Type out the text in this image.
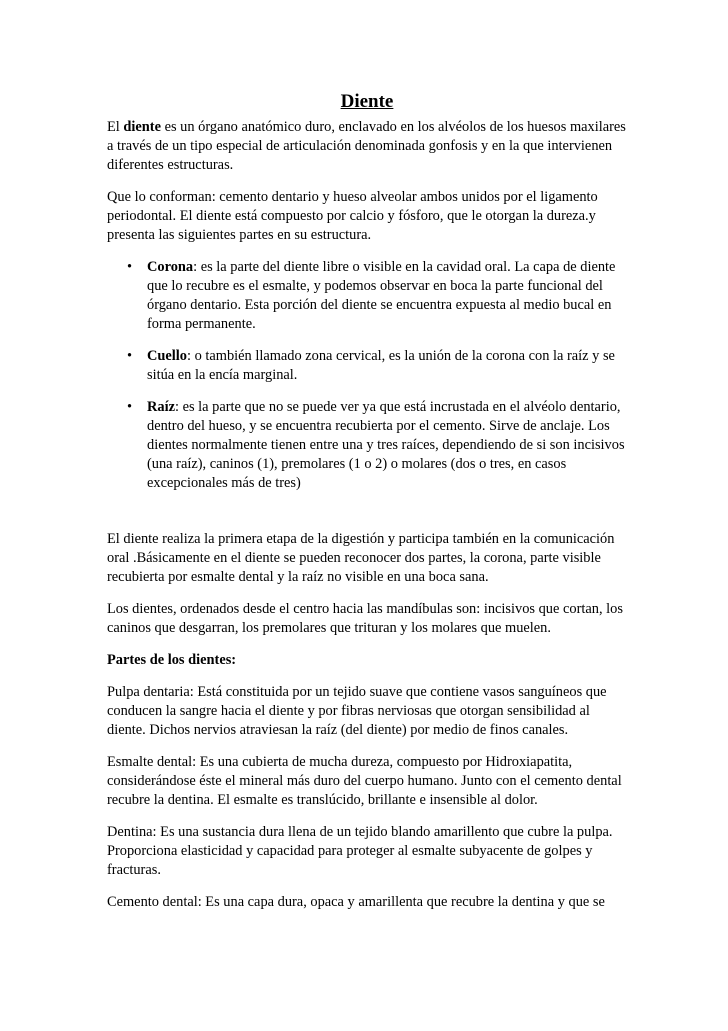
Diente

El diente es un órgano anatómico duro, enclavado en los alvéolos de los huesos maxilares a través de un tipo especial de articulación denominada gonfosis y en la que intervienen diferentes estructuras.

Que lo conforman: cemento dentario y hueso alveolar ambos unidos por el ligamento periodontal. El diente está compuesto por calcio y fósforo, que le otorgan la dureza.y presenta las siguientes partes en su estructura.

• Corona: es la parte del diente libre o visible en la cavidad oral. La capa de diente que lo recubre es el esmalte, y podemos observar en boca la parte funcional del órgano dentario. Esta porción del diente se encuentra expuesta al medio bucal en forma permanente.
• Cuello: o también llamado zona cervical, es la unión de la corona con la raíz y se sitúa en la encía marginal.
• Raíz: es la parte que no se puede ver ya que está incrustada en el alvéolo dentario, dentro del hueso, y se encuentra recubierta por el cemento. Sirve de anclaje. Los dientes normalmente tienen entre una y tres raíces, dependiendo de si son incisivos (una raíz), caninos (1), premolares (1 o 2) o molares (dos o tres, en casos excepcionales más de tres)

El diente realiza la primera etapa de la digestión y participa también en la comunicación oral .Básicamente en el diente se pueden reconocer dos partes, la corona, parte visible recubierta por esmalte dental y la raíz no visible en una boca sana.

Los dientes, ordenados desde el centro hacia las mandíbulas son: incisivos que cortan, los caninos que desgarran, los premolares que trituran y los molares que muelen.

Partes de los dientes:

Pulpa dentaria: Está constituida por un tejido suave que contiene vasos sanguíneos que conducen la sangre hacia el diente y por fibras nerviosas que otorgan sensibilidad al diente. Dichos nervios atraviesan la raíz (del diente) por medio de finos canales.

Esmalte dental: Es una cubierta de mucha dureza, compuesto por Hidroxiapatita, considerándose éste el mineral más duro del cuerpo humano. Junto con el cemento dental recubre la dentina. El esmalte es translúcido, brillante e insensible al dolor.

Dentina: Es una sustancia dura llena de un tejido blando amarillento que cubre la pulpa. Proporciona elasticidad y capacidad para proteger al esmalte subyacente de golpes y fracturas.

Cemento dental: Es una capa dura, opaca y amarillenta que recubre la dentina y que se
